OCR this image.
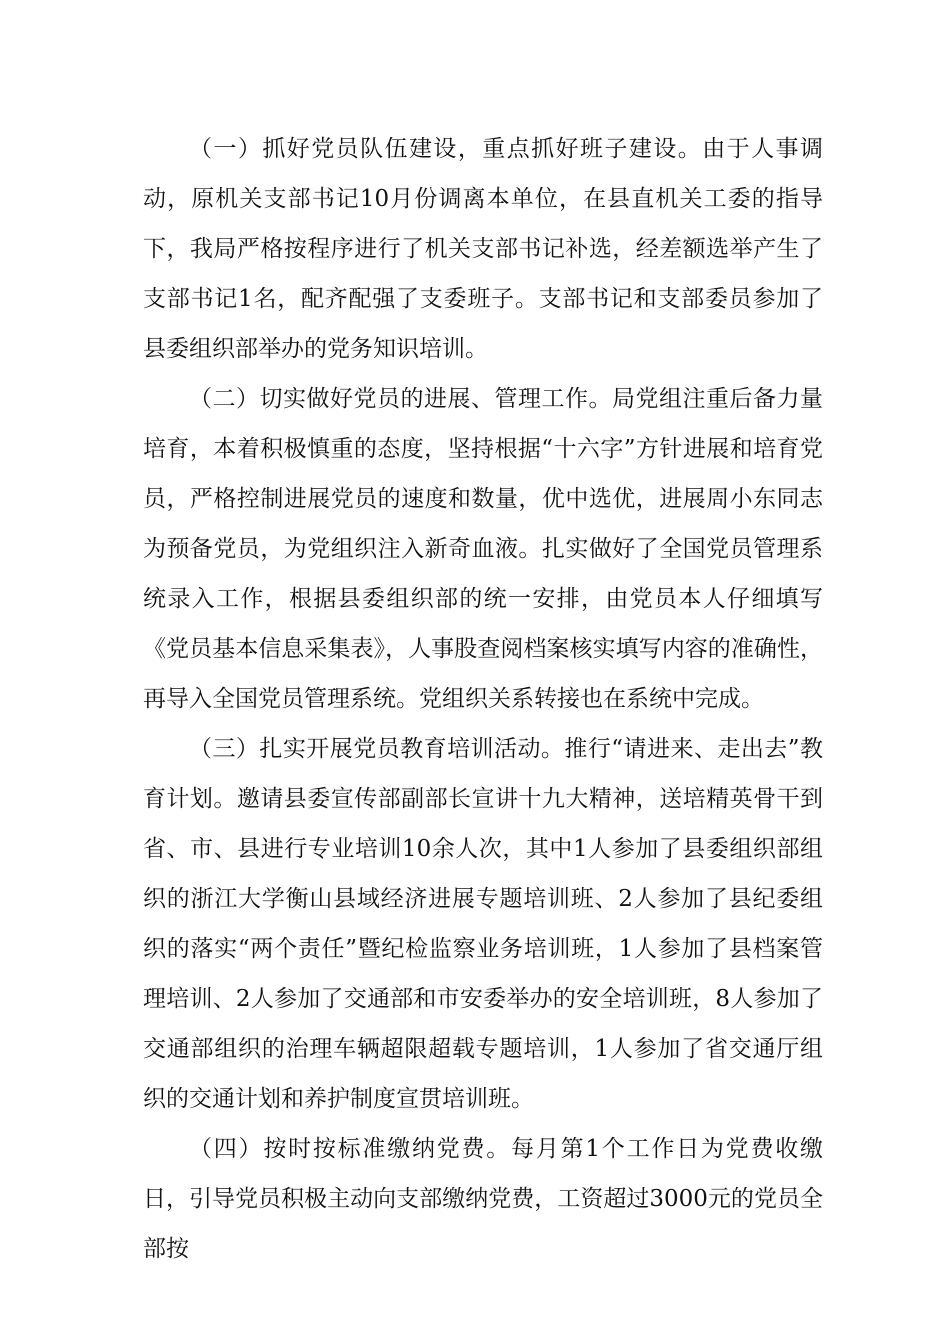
（一）抓好党员队伍建设，重点抓好班子建设。由于人事调动，原机关支部书记10月份调离本单位，在县直机关工委的指导下，我局严格按程序进行了机关支部书记补选，经差额选举产生了支部书记1名，配齐配强了支委班子。支部书记和支部委员参加了县委组织部举办的党务知识培训。

（二）切实做好党员的进展、管理工作。局党组注重后备力量培育，本着积极慎重的态度，坚持根据“十六字”方针进展和培育党员，严格控制进展党员的速度和数量，优中选优，进展周小东同志为预备党员，为党组织注入新奇血液。扎实做好了全国党员管理系统录入工作，根据县委组织部的统一安排，由党员本人仔细填写《党员基本信息采集表》，人事股查阅档案核实填写内容的准确性，再导入全国党员管理系统。党组织关系转接也在系统中完成。

（三）扎实开展党员教育培训活动。推行“请进来、走出去”教育计划。邀请县委宣传部副部长宣讲十九大精神，送培精英骨干到省、市、县进行专业培训10余人次，其中1人参加了县委组织部组织的浙江大学衡山县域经济进展专题培训班、2人参加了县纪委组织的落实“两个责任”暨纪检监察业务培训班，1人参加了县档案管理培训、2人参加了交通部和市安委举办的安全培训班，8人参加了交通部组织的治理车辆超限超载专题培训，1人参加了省交通厅组织的交通计划和养护制度宣贯培训班。

（四）按时按标准缴纳党费。每月第1个工作日为党费收缴日，引导党员积极主动向支部缴纳党费，工资超过3000元的党员全部按
